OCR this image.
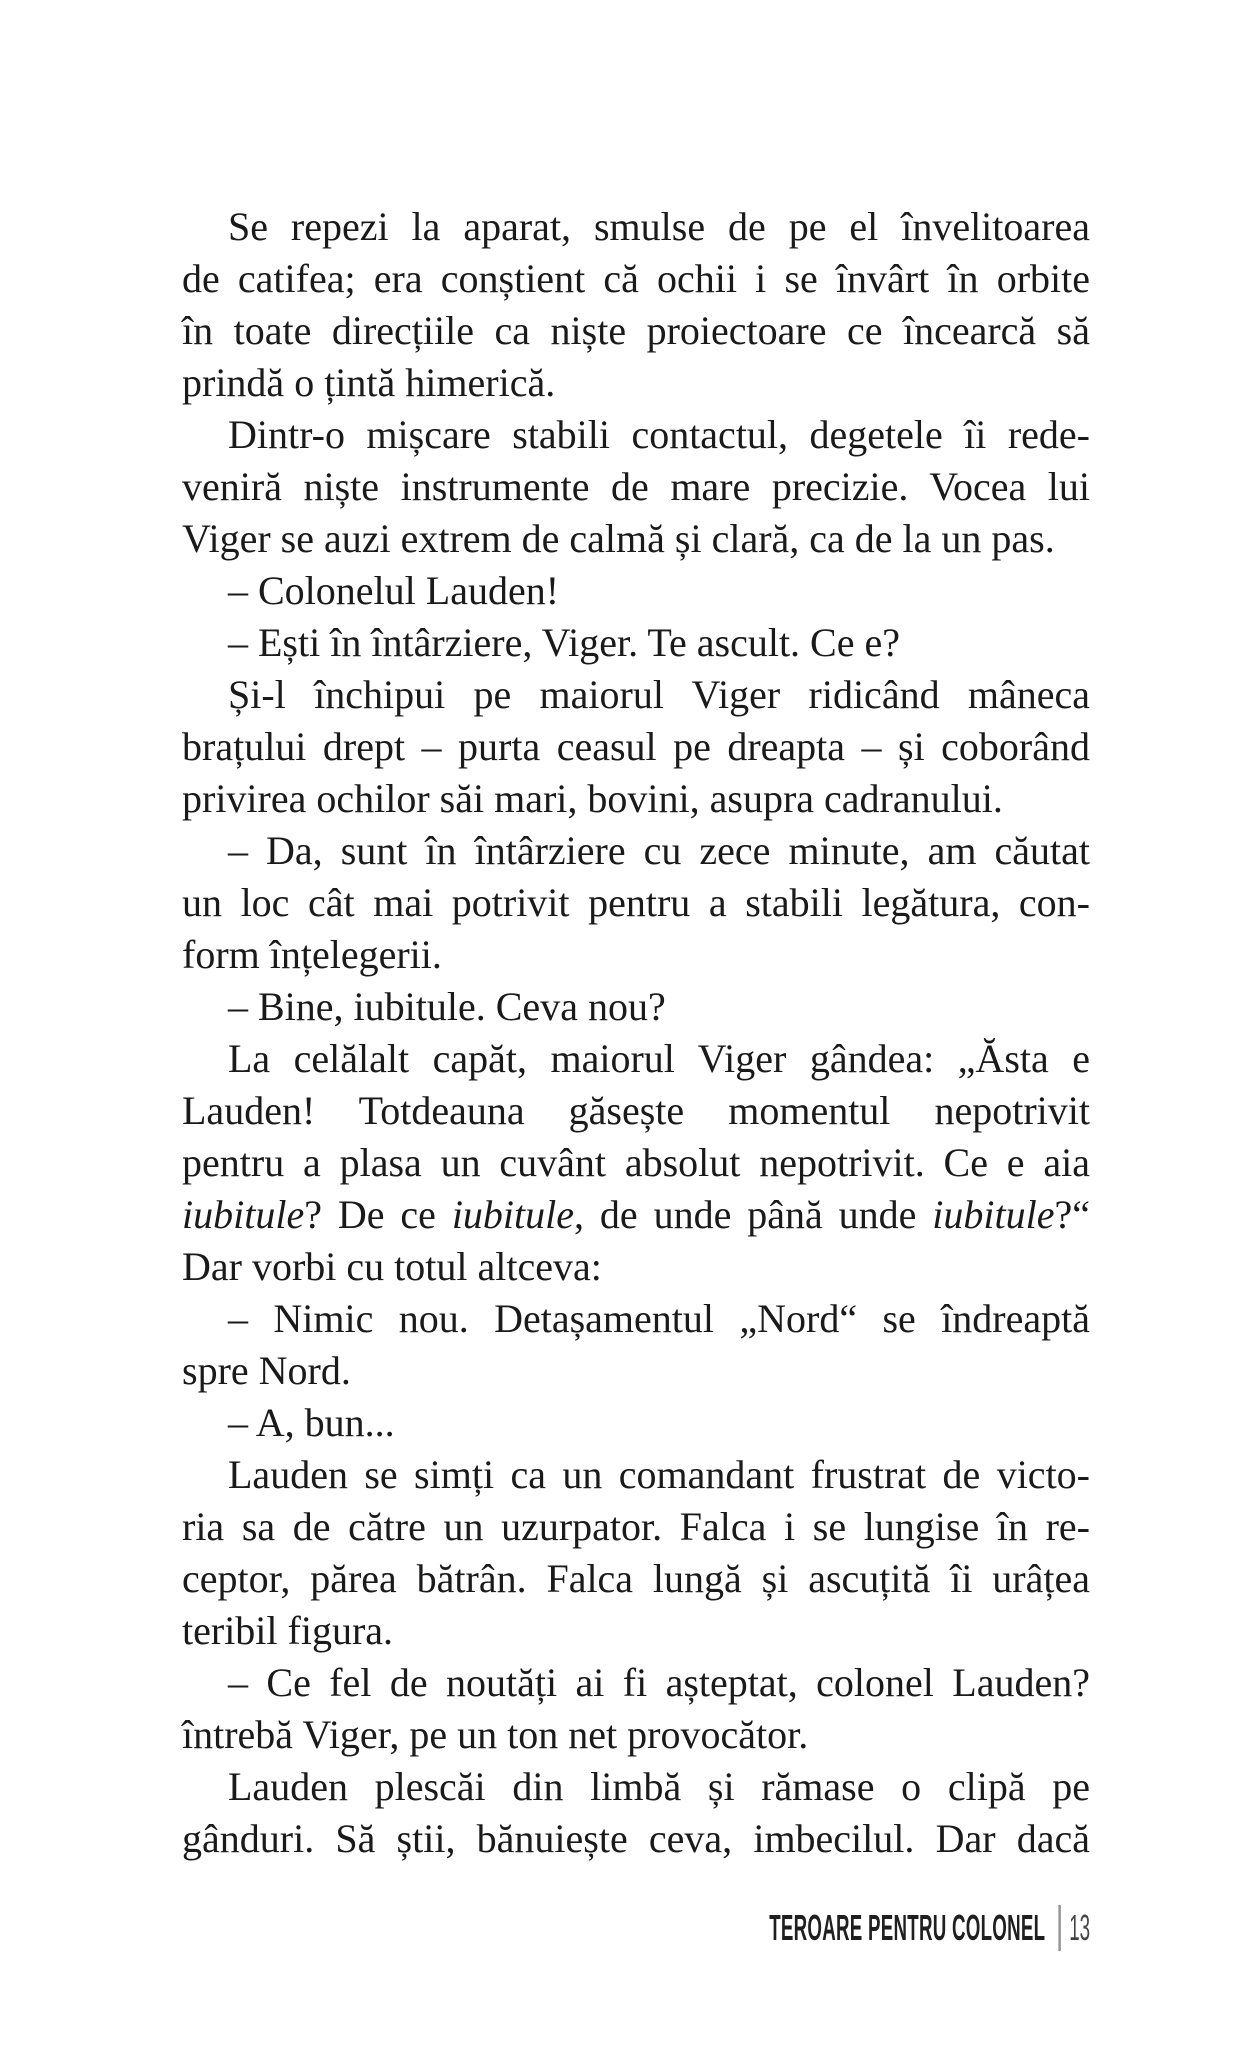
Se repezi la aparat, smulse de pe el învelitoarea
de catifea; era conștient că ochii i se învârt în orbite
în toate direcțiile ca niște proiectoare ce încearcă să
prindă o țintă himerică.
Dintr-o mișcare stabili contactul, degetele îi rede-
veniră niște instrumente de mare precizie. Vocea lui
Viger se auzi extrem de calmă și clară, ca de la un pas.
– Colonelul Lauden!
– Ești în întârziere, Viger. Te ascult. Ce e?
Și-l închipui pe maiorul Viger ridicând mâneca
brațului drept – purta ceasul pe dreapta – și coborând
privirea ochilor săi mari, bovini, asupra cadranului.
– Da, sunt în întârziere cu zece minute, am căutat
un loc cât mai potrivit pentru a stabili legătura, con-
form înțelegerii.
– Bine, iubitule. Ceva nou?
La celălalt capăt, maiorul Viger gândea: „Ăsta e
Lauden! Totdeauna găsește momentul nepotrivit
pentru a plasa un cuvânt absolut nepotrivit. Ce e aia
iubitule? De ce iubitule, de unde până unde iubitule?“
Dar vorbi cu totul altceva:
– Nimic nou. Detașamentul „Nord“ se îndreaptă
spre Nord.
– A, bun...
Lauden se simți ca un comandant frustrat de victo-
ria sa de către un uzurpator. Falca i se lungise în re-
ceptor, părea bătrân. Falca lungă și ascuțită îi urâțea
teribil figura.
– Ce fel de noutăți ai fi așteptat, colonel Lauden?
întrebă Viger, pe un ton net provocător.
Lauden plescăi din limbă și rămase o clipă pe
gânduri. Să știi, bănuiește ceva, imbecilul. Dar dacă
TEROARE PENTRU COLONEL 13
